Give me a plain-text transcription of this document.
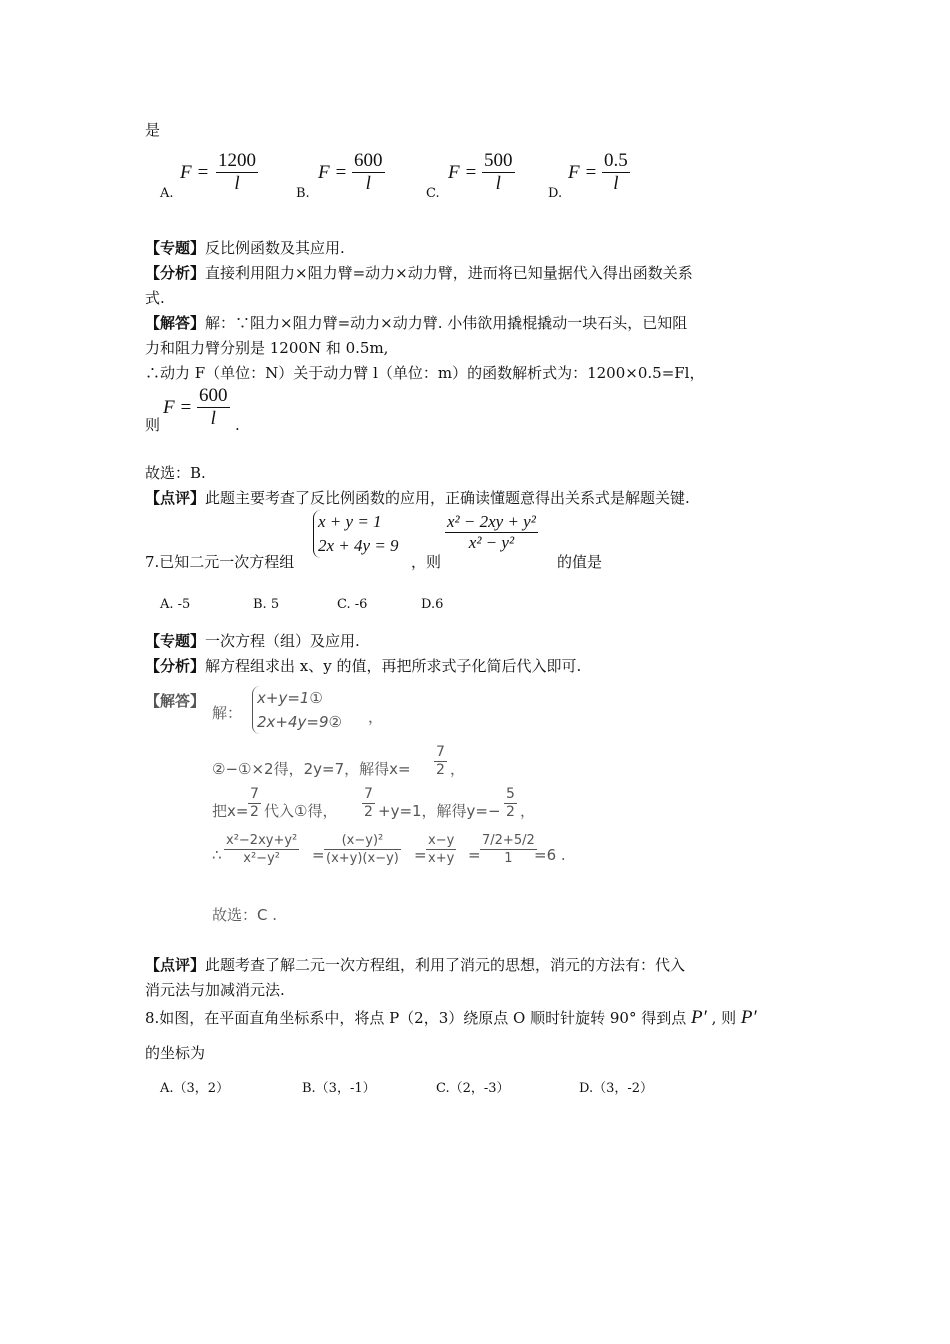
是
A.
$F = \frac{1200}{l}$	B.
$F = \frac{600}{l}$	C.
$F = \frac{500}{l}$	D.
$F = \frac{0.5}{l}$
【专题】反比例函数及其应用.
【分析】直接利用阻力×阻力臂=动力×动力臂，进而将已知量据代入得出函数关系
式.
【解答】解：∵阻力×阻力臂=动力×动力臂. 小伟欲用撬棍撬动一块石头，已知阻
力和阻力臂分别是 1200N 和 0.5m,
∴动力 F（单位：N）关于动力臂 l（单位：m）的函数解析式为：1200×0.5=Fl，
则
$F = \frac{600}{l}$ .
故选：B.
【点评】此题主要考查了反比例函数的应用，正确读懂题意得出关系式是解题关键.
7.已知二元一次方程组
x + y = 1
2x + 4y = 9
，则
$\frac{\text{x² − 2xy + y²}}{\text{x² − y²}}$
的值是
A. -5	B. 5	C. -6	D.6
【专题】一次方程（组）及应用.
【分析】解方程组求出 x、y 的值，再把所求式子化简后代入即可.
【解答】
解：
x+y=1①
2x+4y=9② ，
②−①×2得，2y=7，解得x=
7
2 ，
把x=
7
2 代入①得，
7
2 +y=1，解得y=−
5
2 ，
∴
x²−2xy+y²
x²−y²	=
(x−y)²
(x+y)(x−y) =
x−y
x+y =
7/2+5/2
1	=6 .
故选：C .
【点评】此题考查了解二元一次方程组，利用了消元的思想，消元的方法有：代入
消元法与加减消元法.
8.如图，在平面直角坐标系中，将点 P（2，3）绕原点 O 顺时针旋转 90° 得到点 P′ , 则 P′
的坐标为
A.（3，2）	B.（3，-1）	C.（2，-3）	D.（3，-2）
